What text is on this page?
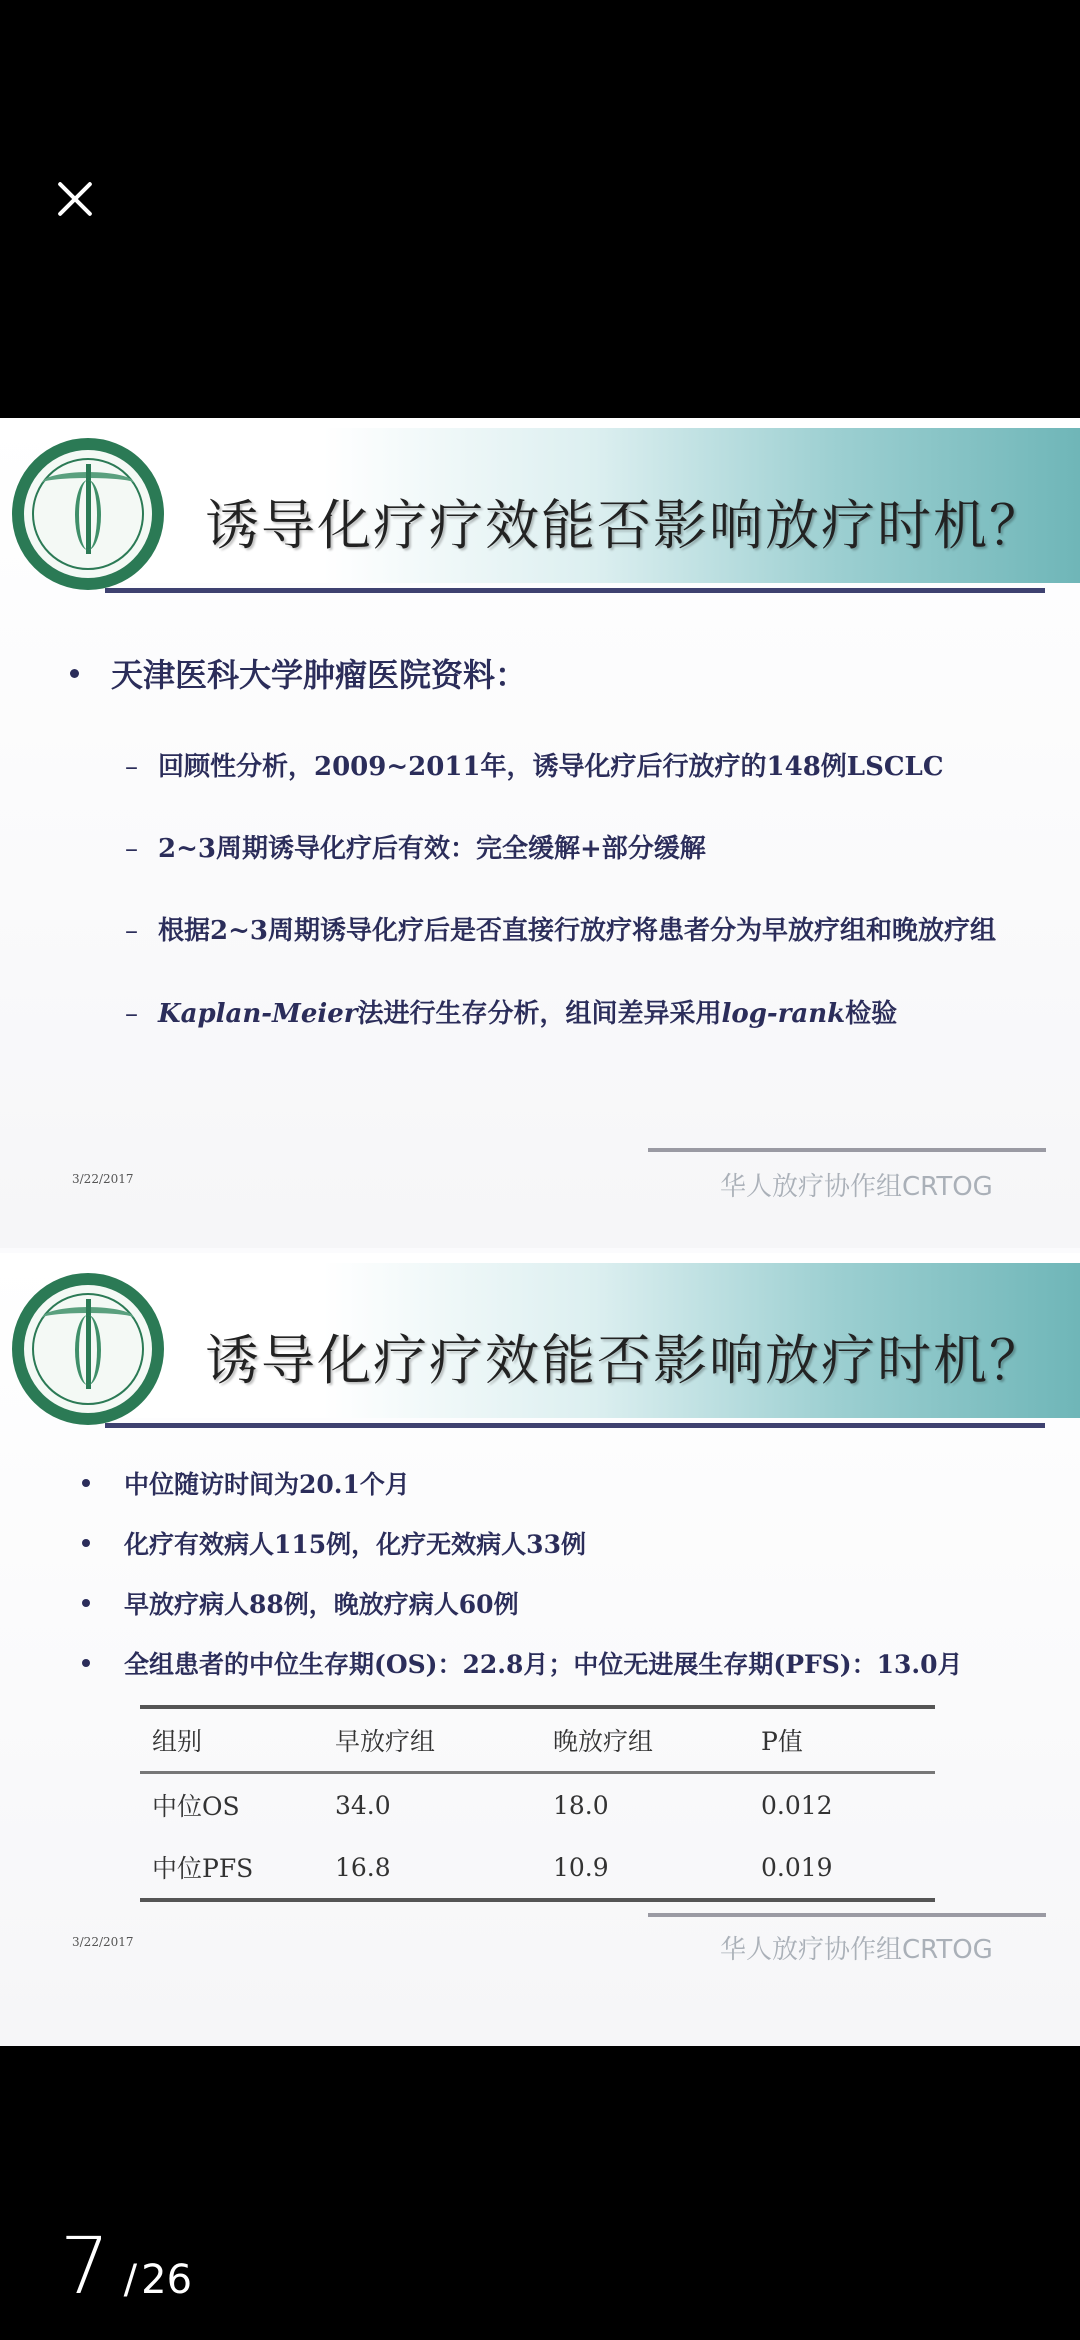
诱导化疗疗效能否影响放疗时机？
天津医科大学肿瘤医院资料：
– 回顾性分析，2009~2011年，诱导化疗后行放疗的148例LSCLC
– 2~3周期诱导化疗后有效：完全缓解+部分缓解
– 根据2~3周期诱导化疗后是否直接行放疗将患者分为早放疗组和晚放疗组
– Kaplan-Meier法进行生存分析，组间差异采用log-rank检验
3/22/2017	华人放疗协作组CRTOG
诱导化疗疗效能否影响放疗时机？
中位随访时间为20.1个月
化疗有效病人115例，化疗无效病人33例
早放疗病人88例，晚放疗病人60例
全组患者的中位生存期(OS)：22.8月；中位无进展生存期(PFS)：13.0月
组别	早放疗组	晚放疗组	P值
中位OS	34.0	18.0	0.012
中位PFS	16.8	10.9	0.019
3/22/2017	华人放疗协作组CRTOG
7 / 26
